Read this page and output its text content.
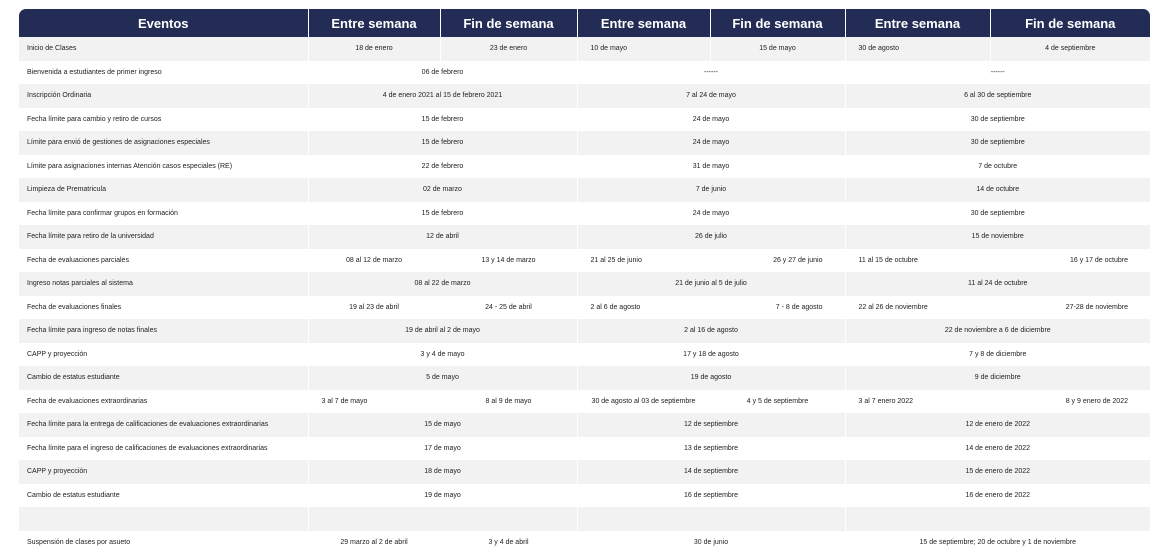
Eventos	Entre semana	Fin de semana	Entre semana	Fin de semana	Entre semana	Fin de semana
Inicio de Clases	18 de enero	23 de enero	10 de mayo	15 de mayo	30 de agosto	4 de septiembre
Bienvenida a estudiantes de primer ingreso	06 de febrero		------		------	
Inscripción Ordinaria	4 de enero 2021 al 15 de febrero 2021		7 al 24 de mayo		6 al 30 de septiembre	
Fecha límite para cambio y retiro de cursos	15 de febrero		24 de mayo		30 de septiembre	
Límite para envió de gestiones de asignaciones especiales	15 de febrero		24 de mayo		30 de septiembre	
Límite para asignaciones internas Atención casos especiales (RE)	22 de febrero		31 de mayo		7 de octubre	
Limpieza de Prematricula	02 de marzo		7 de junio		14 de octubre	
Fecha límite para confirmar grupos en formación	15 de febrero		24 de mayo		30 de septiembre	
Fecha límite para retiro de la universidad	12 de abril		26 de julio		15 de noviembre	
Fecha de evaluaciones parciales	08 al 12 de marzo	13 y 14 de marzo	21 al 25 de junio	26 y 27 de junio	11 al 15 de octubre	16 y 17 de octubre
Ingreso notas parciales al sistema	08 al 22 de marzo		21 de junio al 5 de julio		11 al 24 de octubre	
Fecha de evaluaciones finales	19 al 23 de abril	24 - 25 de abril	2 al 6 de agosto	7 - 8 de agosto	22 al 26 de noviembre	27-28 de noviembre
Fecha límite para ingreso de notas finales	19 de abril al 2 de mayo		2 al 16 de agosto		22 de noviembre a 6 de diciembre	
CAPP y proyección	3 y 4 de mayo		17 y 18 de agosto		7 y 8 de diciembre	
Cambio de estatus estudiante	5 de mayo		19 de agosto		9 de diciembre	
Fecha de evaluaciones extraordinarias	3 al 7 de mayo	8 al 9 de mayo	30 de agosto al 03 de septiembre	4 y 5 de septiembre	3 al 7 enero 2022	8 y 9 enero de 2022
Fecha límite para la entrega de calificaciones de evaluaciones extraordinarias	15 de mayo		12 de septiembre		12 de enero de 2022	
Fecha límite para el ingreso de calificaciones de evaluaciones extraordinarias	17 de mayo		13 de septiembre		14 de enero de 2022	
CAPP y proyección	18 de mayo		14 de septiembre		15 de enero de 2022	
Cambio de estatus estudiante	19 de mayo		16 de septiembre		16 de enero de 2022	

Suspensión de clases por asueto	29 marzo al 2 de abril	3 y 4 de abril	30 de junio		15 de septiembre; 20 de octubre y 1 de noviembre	
